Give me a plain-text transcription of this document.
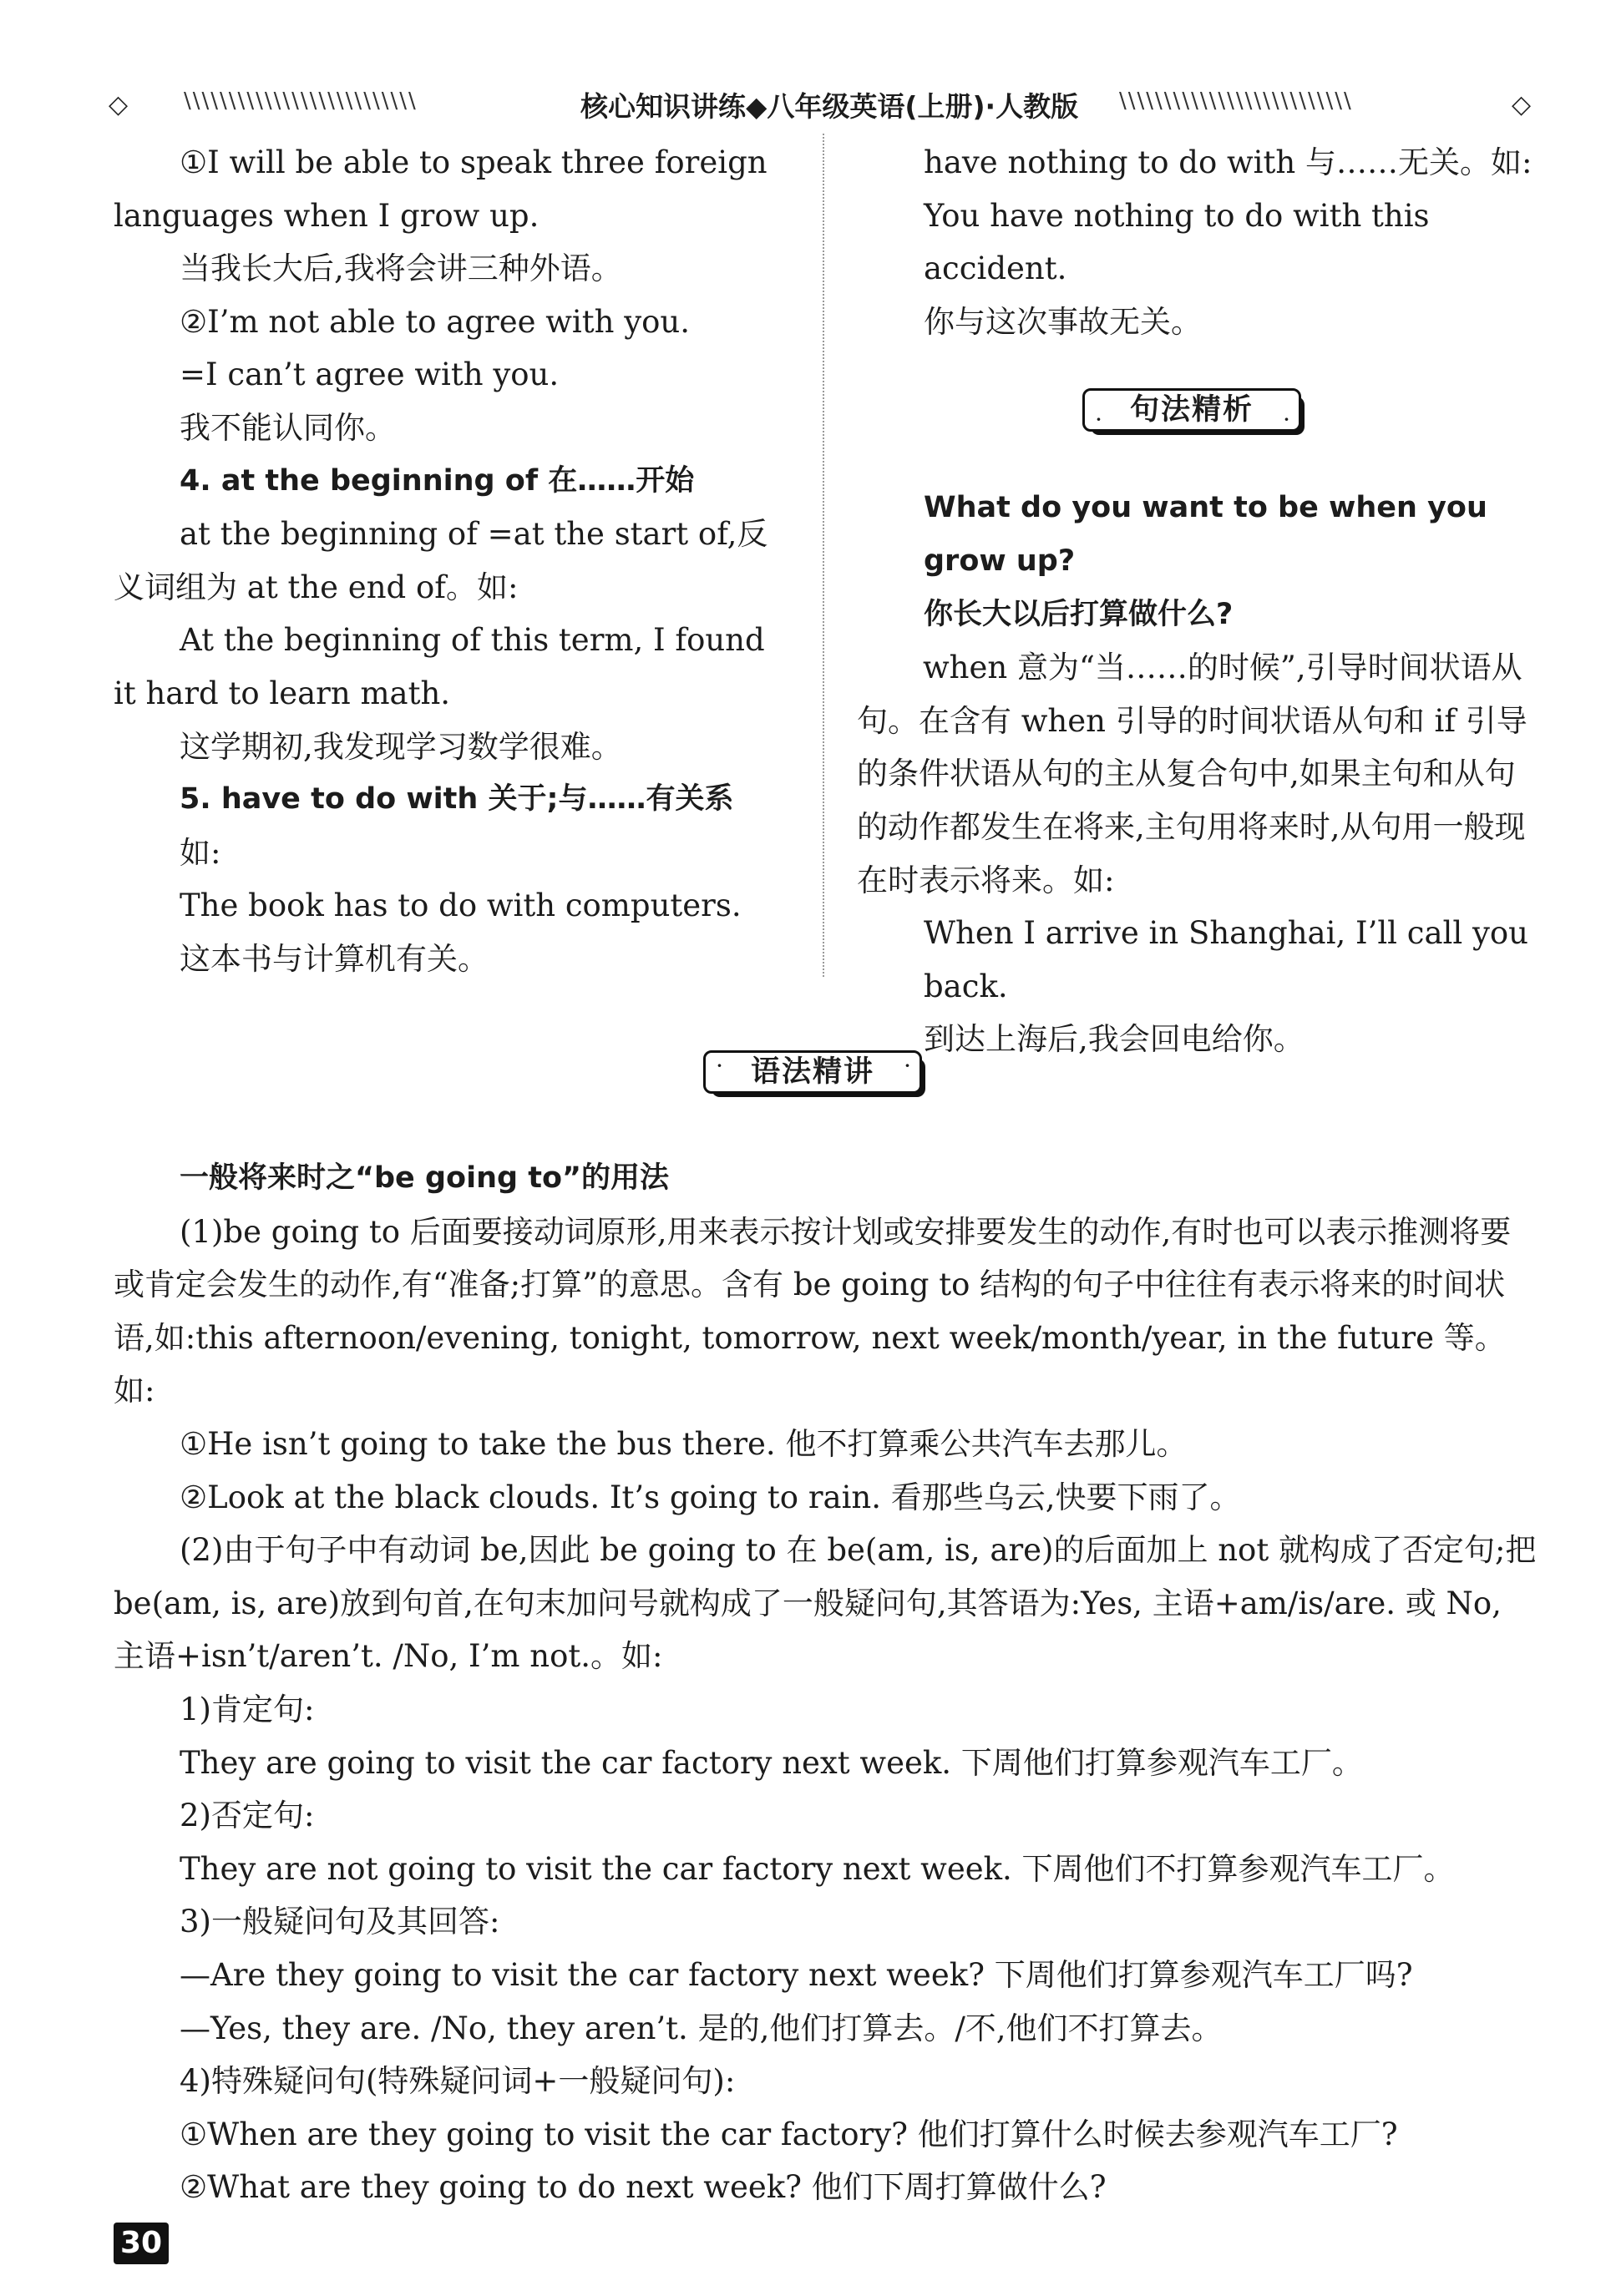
◇	\\\\\\\\\\\\\\\\\\\\\\\\\\	核心知识讲练◆八年级英语(上册)·人教版 \\\\\\\\\\\\\\\\\\\\\\\\\\	◇

①I will be able to speak three foreign languages when I grow up.

当我长大后,我将会讲三种外语。

②I’m not able to agree with you.

=I can’t agree with you.

我不能认同你。

4. at the beginning of 在……开始

at the beginning of =at the start of,反义词组为 at the end of。如:

At the beginning of this term, I found it hard to learn math.

这学期初,我发现学习数学很难。

5. have to do with 关于;与……有关系

如:

The book has to do with computers.

这本书与计算机有关。

have nothing to do with 与……无关。如:

You have nothing to do with this accident.

你与这次事故无关。

· 句法精析	·

What do you want to be when you grow up?

你长大以后打算做什么?

when 意为“当……的时候”,引导时间状语从句。在含有 when 引导的时间状语从句和 if 引导的条件状语从句的主从复合句中,如果主句和从句的动作都发生在将来,主句用将来时,从句用一般现在时表示将来。如:

When I arrive in Shanghai, I’ll call you back.

到达上海后,我会回电给你。

· 语法精讲	·

一般将来时之“be going to”的用法

(1)be going to 后面要接动词原形,用来表示按计划或安排要发生的动作,有时也可以表示推测将要或肯定会发生的动作,有“准备;打算”的意思。含有 be going to 结构的句子中往往有表示将来的时间状语,如:this afternoon/evening, tonight, tomorrow, next week/month/year, in the future 等。如:

①He isn’t going to take the bus there. 他不打算乘公共汽车去那儿。

②Look at the black clouds. It’s going to rain. 看那些乌云,快要下雨了。

(2)由于句子中有动词 be,因此 be going to 在 be(am, is, are)的后面加上 not 就构成了否定句;把 be(am, is, are)放到句首,在句末加问号就构成了一般疑问句,其答语为:Yes, 主语+am/is/are. 或 No, 主语+isn’t/aren’t. /No, I’m not.。如:

1)肯定句:

They are going to visit the car factory next week. 下周他们打算参观汽车工厂。

2)否定句:

They are not going to visit the car factory next week. 下周他们不打算参观汽车工厂。

3)一般疑问句及其回答:

—Are they going to visit the car factory next week? 下周他们打算参观汽车工厂吗?

—Yes, they are. /No, they aren’t. 是的,他们打算去。/不,他们不打算去。

4)特殊疑问句(特殊疑问词+一般疑问句):

①When are they going to visit the car factory? 他们打算什么时候去参观汽车工厂?

②What are they going to do next week? 他们下周打算做什么?

30
